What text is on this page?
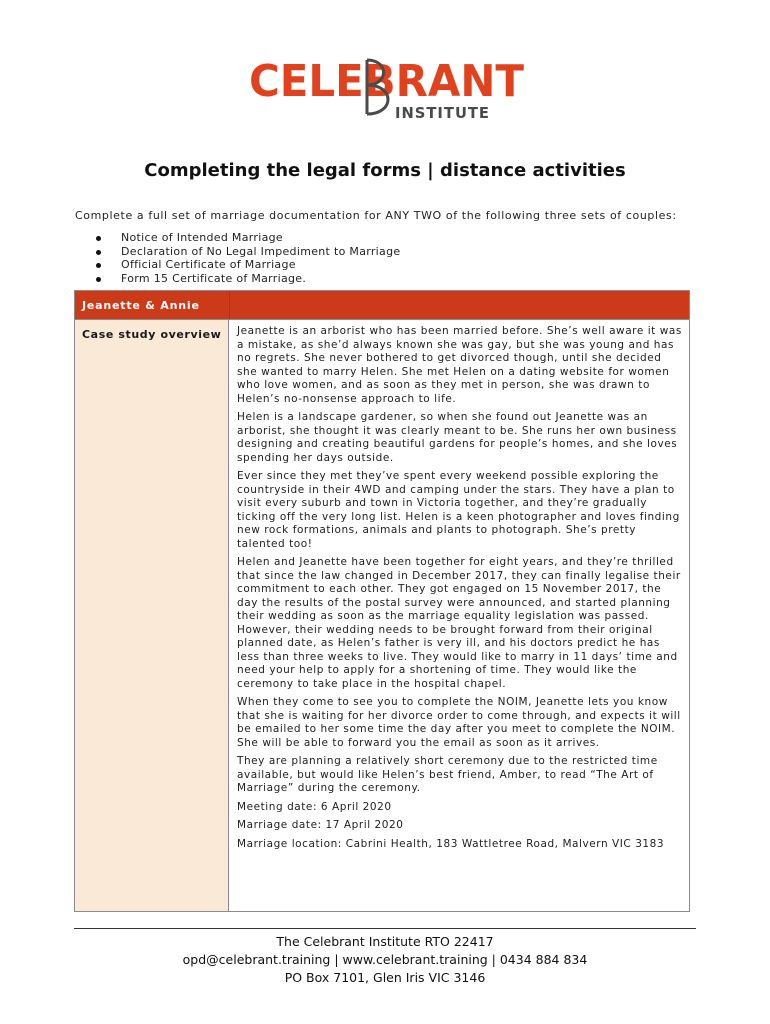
CELEBRANT
INSTITUTE
Completing the legal forms | distance activities
Complete a full set of marriage documentation for ANY TWO of the following three sets of couples:
Notice of Intended Marriage
Declaration of No Legal Impediment to Marriage
Official Certificate of Marriage
Form 15 Certificate of Marriage.
Jeanette & Annie
Case study overview	Jeanette is an arborist who has been married before. She’s well aware it was a mistake, as she’d always known she was gay, but she was young and has no regrets. She never bothered to get divorced though, until she decided she wanted to marry Helen. She met Helen on a dating website for women who love women, and as soon as they met in person, she was drawn to Helen’s no-nonsense approach to life.

Helen is a landscape gardener, so when she found out Jeanette was an arborist, she thought it was clearly meant to be. She runs her own business designing and creating beautiful gardens for people’s homes, and she loves spending her days outside.

Ever since they met they’ve spent every weekend possible exploring the countryside in their 4WD and camping under the stars. They have a plan to visit every suburb and town in Victoria together, and they’re gradually ticking off the very long list. Helen is a keen photographer and loves finding new rock formations, animals and plants to photograph. She’s pretty talented too!

Helen and Jeanette have been together for eight years, and they’re thrilled that since the law changed in December 2017, they can finally legalise their commitment to each other. They got engaged on 15 November 2017, the day the results of the postal survey were announced, and started planning their wedding as soon as the marriage equality legislation was passed. However, their wedding needs to be brought forward from their original planned date, as Helen’s father is very ill, and his doctors predict he has less than three weeks to live. They would like to marry in 11 days’ time and need your help to apply for a shortening of time. They would like the ceremony to take place in the hospital chapel.

When they come to see you to complete the NOIM, Jeanette lets you know that she is waiting for her divorce order to come through, and expects it will be emailed to her some time the day after you meet to complete the NOIM. She will be able to forward you the email as soon as it arrives.

They are planning a relatively short ceremony due to the restricted time available, but would like Helen’s best friend, Amber, to read “The Art of Marriage” during the ceremony.

Meeting date: 6 April 2020

Marriage date: 17 April 2020

Marriage location: Cabrini Health, 183 Wattletree Road, Malvern VIC 3183

The Celebrant Institute RTO 22417
opd@celebrant.training | www.celebrant.training | 0434 884 834
PO Box 7101, Glen Iris VIC 3146
